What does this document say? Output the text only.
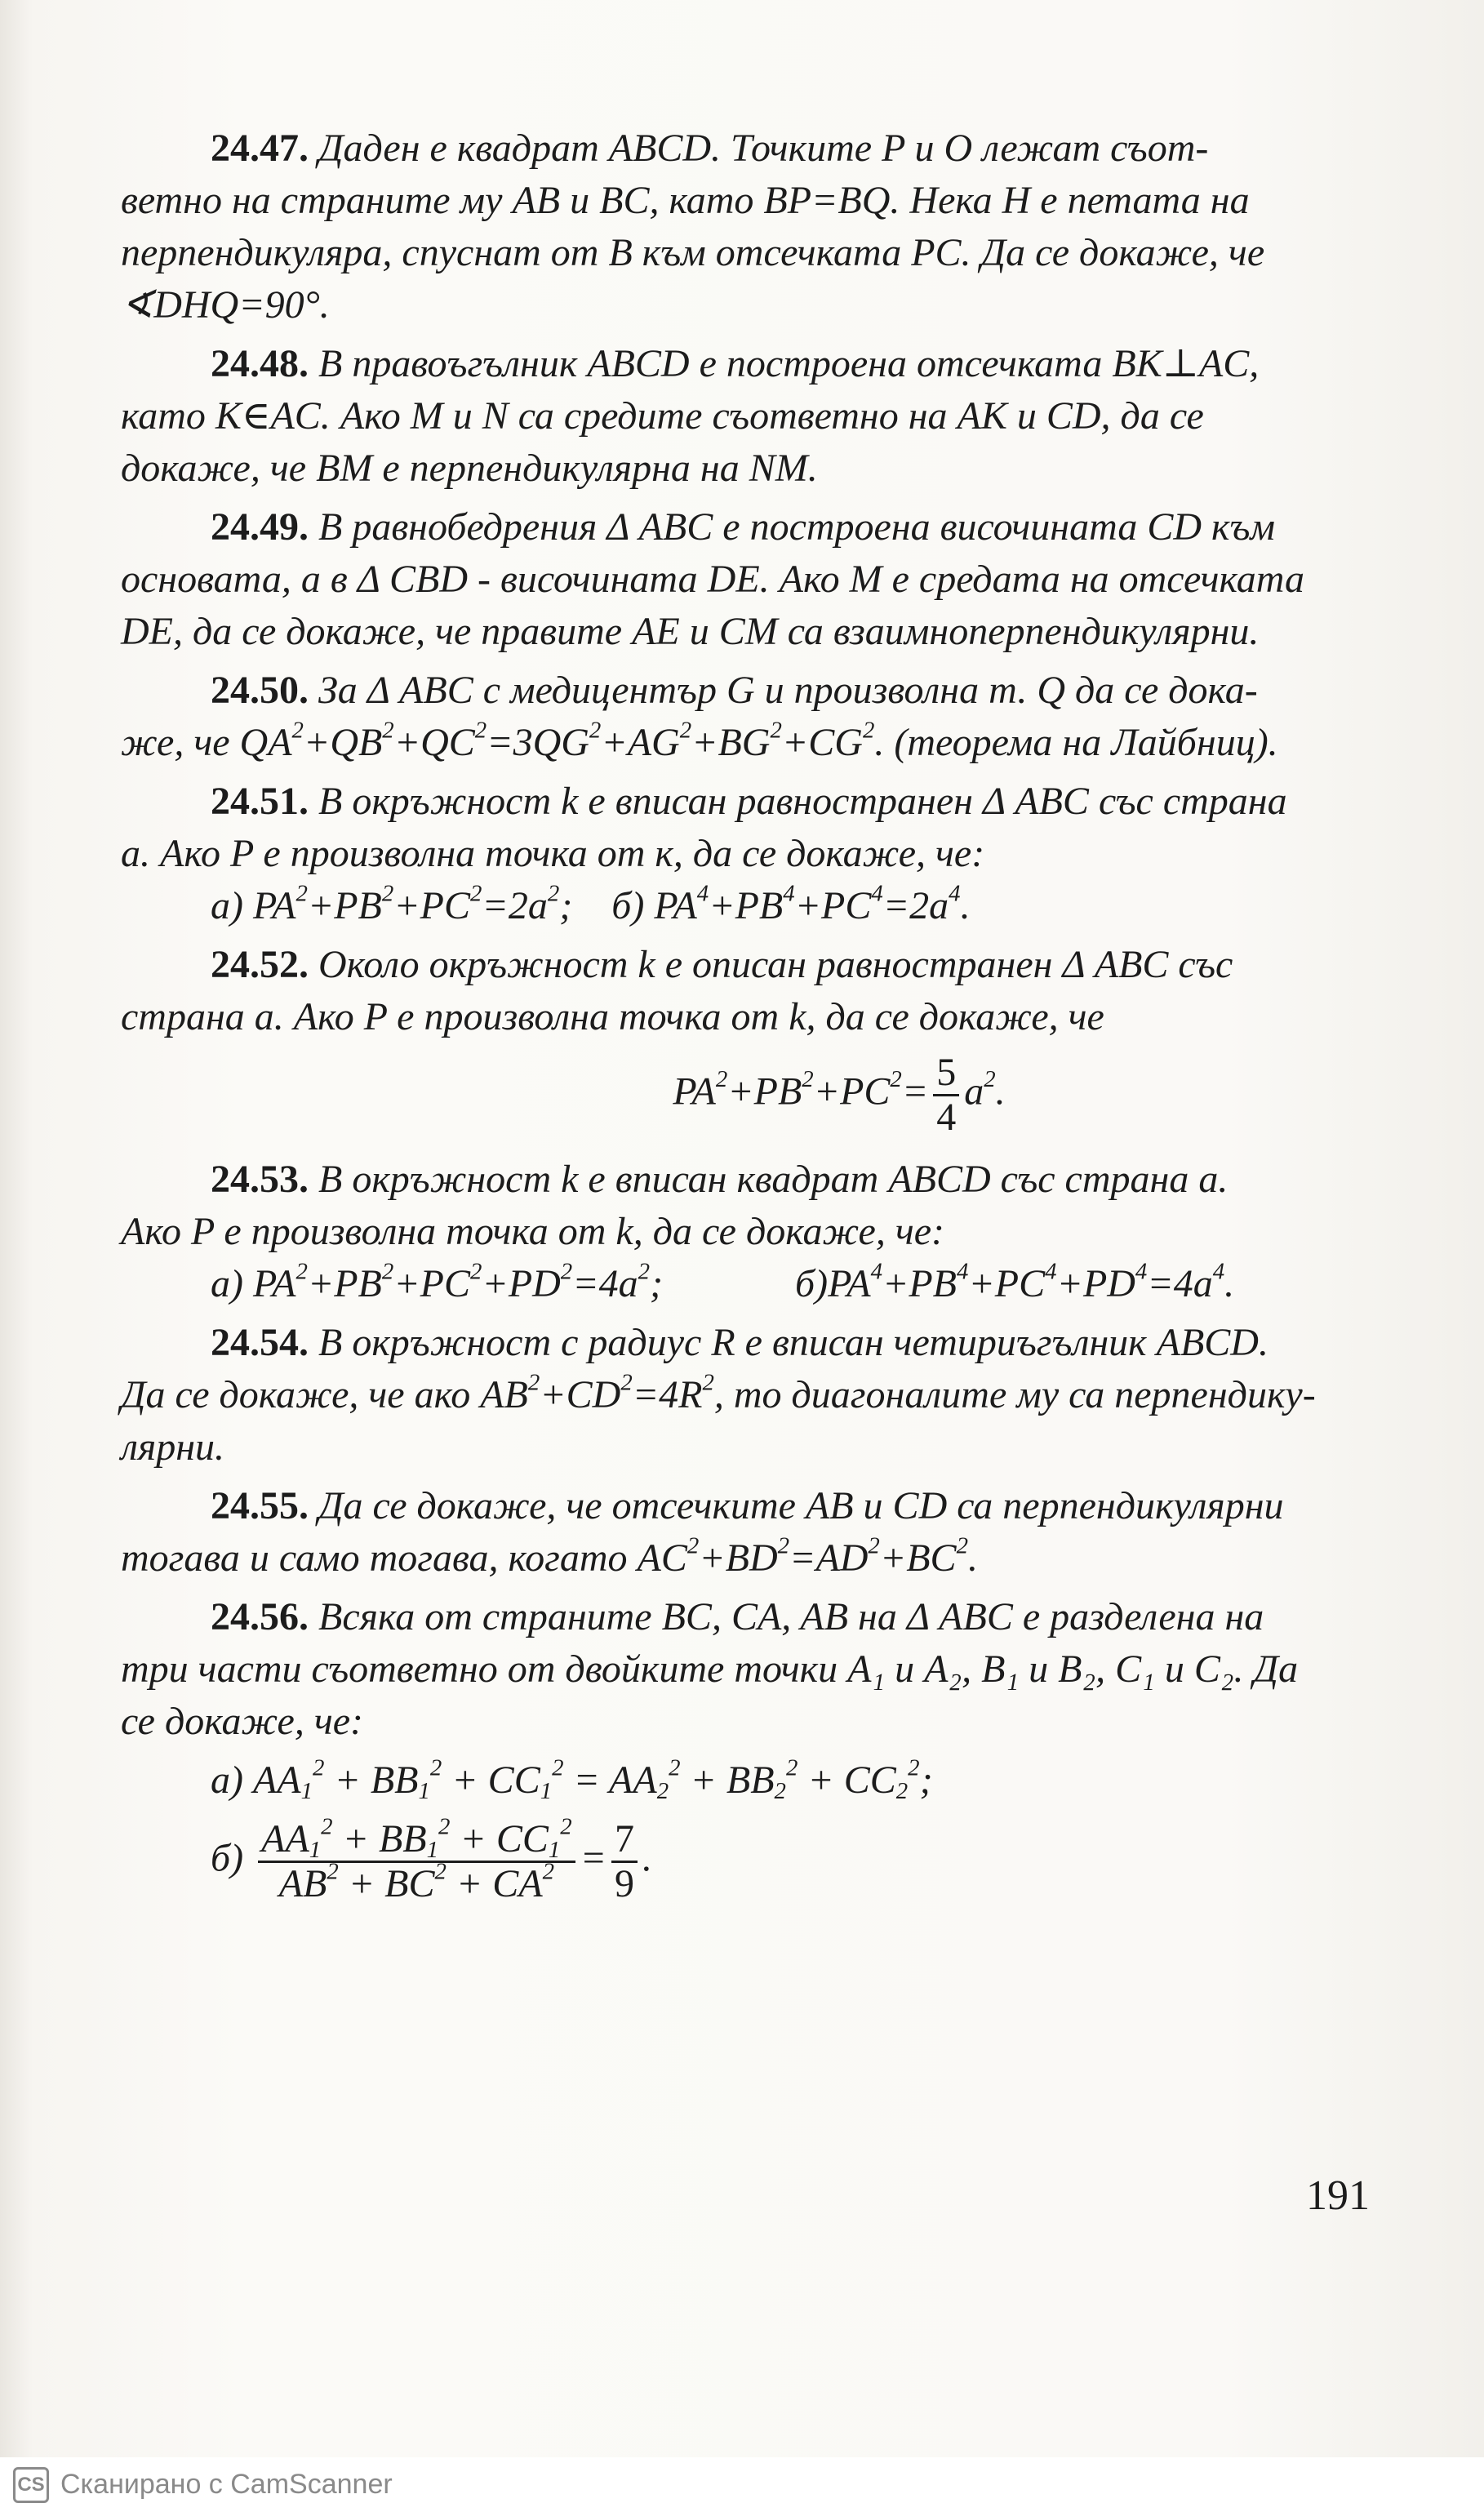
24.47. Даден е квадрат ABCD. Точките P и O лежат съот-
ветно на страните му AB и BC, като BP=BQ. Нека H е петата на
перпендикуляра, спуснат от B към отсечката PC. Да се докаже, че
∢DHQ=90°.
24.48. В правоъгълник ABCD е построена отсечката BK⊥AC,
като K∈AC. Ако M и N са средите съответно на AK и CD, да се
докаже, че BM е перпендикулярна на NM.
24.49. В равнобедрения Δ ABC е построена височината CD към
основата, а в Δ CBD - височината DE. Ако M е средата на отсечката
DE, да се докаже, че правите AE и CM са взаимноперпендикулярни.
24.50. За Δ ABC с медицентър G и произволна т. Q да се дока-
же, че $QA^2+QB^2+QC^2=3QG^2+AG^2+BG^2+CG^2$. (теорема на Лайбниц).
24.51. В окръжност k е вписан равностранен Δ ABC със страна
a. Ако P е произволна точка от к, да се докаже, че:
а) $PA^2+PB^2+PC^2=2a^2$;    б) $PA^4+PB^4+PC^4=2a^4$.
24.52. Около окръжност k е описан равностранен Δ ABC със
страна a. Ако P е произволна точка от k, да се докаже, че
$PA^2+PB^2+PC^2= \frac{5}{4} a^2$.
24.53. В окръжност k е вписан квадрат ABCD със страна a.
Ако P е произволна точка от k, да се докаже, че:
а) $PA^2+PB^2+PC^2+PD^2=4a^2$;	$б)PA^4+PB^4+PC^4+PD^4=4a^4$.
24.54. В окръжност с радиус R е вписан четириъгълник ABCD.
Да се докаже, че ако $AB^2+CD^2=4R^2$, то диагоналите му са перпендику-
лярни.
24.55. Да се докаже, че отсечките AB и CD са перпендикулярни
тогава и само тогава, когато $AC^2+BD^2=AD^2+BC^2$.
24.56. Всяка от страните BC, CA, AB на Δ ABC е разделена на
три части съответно от двойките точки A₁ и A₂, B₁ и B₂, C₁ и C₂. Да
се докаже, че:
а) $AA_1^2 + BB_1^2 + CC_1^2 = AA_2^2 + BB_2^2 + CC_2^2$;
$б) \frac{AA_1^2 + BB_1^2 + CC_1^2}{AB^2 + BC^2 + CA^2} = \frac{7}{9}$ .
191
CS Сканирано с CamScanner
